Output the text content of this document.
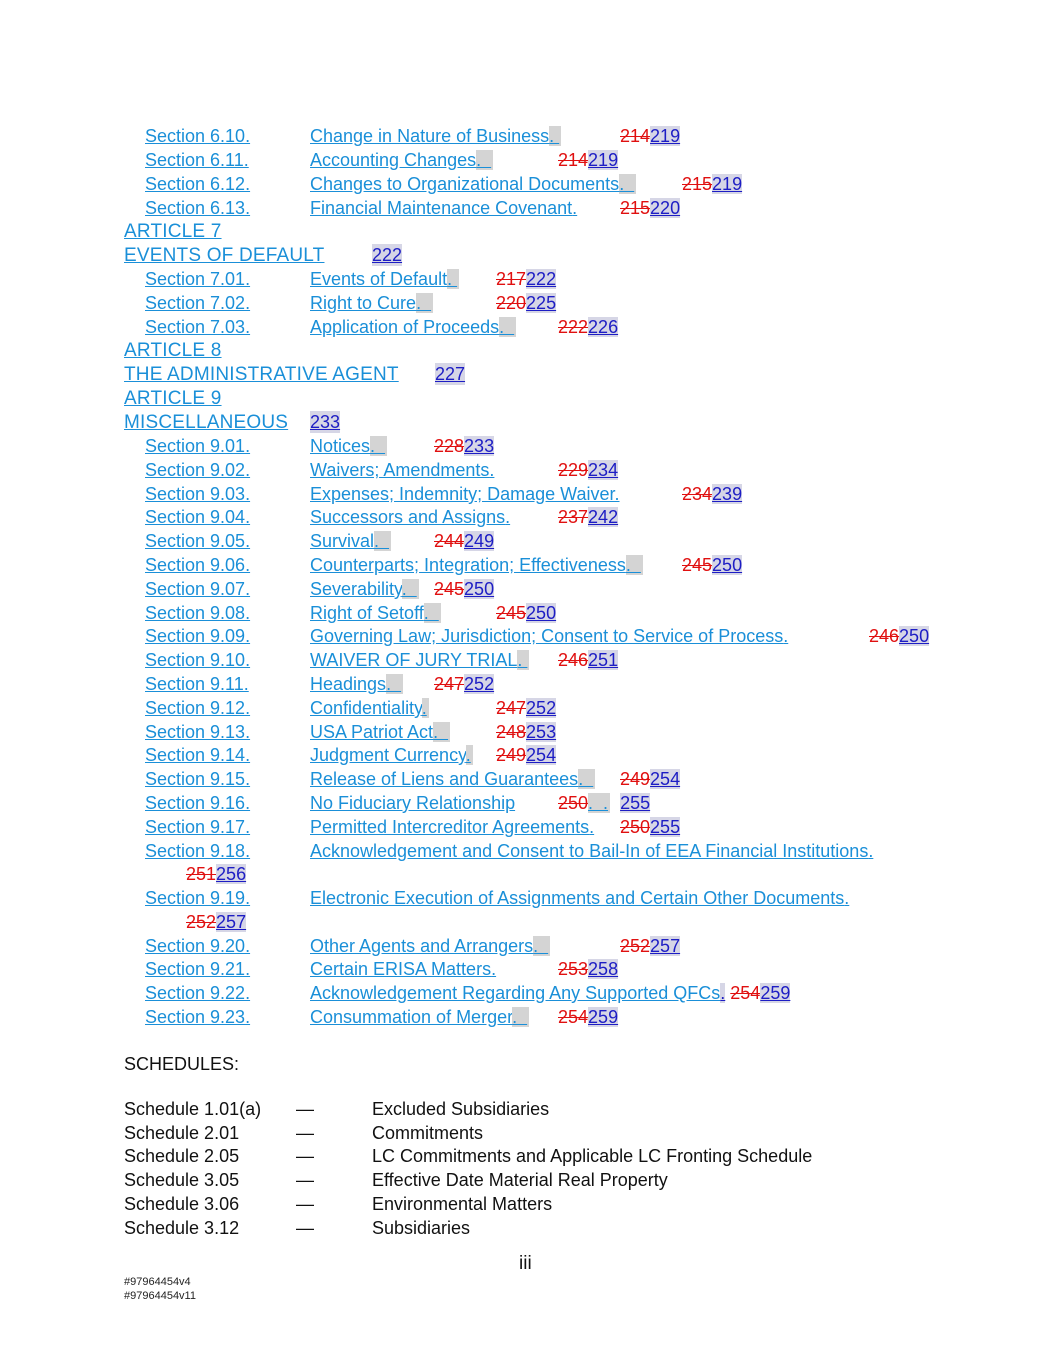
Section 6.10.	Change in Nature of Business.	214219
Section 6.11.	Accounting Changes.	214219
Section 6.12.	Changes to Organizational Documents.	215219
Section 6.13.	Financial Maintenance Covenant. 215220
ARTICLE 7
EVENTS OF DEFAULT	222
Section 7.01.	Events of Default. 217222
Section 7.02.	Right to Cure.	220225
Section 7.03.	Application of Proceeds. 222226
ARTICLE 8
THE ADMINISTRATIVE AGENT 227
ARTICLE 9
MISCELLANEOUS 233
Section 9.01.	Notices.	228233
Section 9.02.	Waivers; Amendments.	229234
Section 9.03.	Expenses; Indemnity; Damage Waiver.	234239
Section 9.04.	Successors and Assigns.	237242
Section 9.05.	Survival. 244249
Section 9.06.	Counterparts; Integration; Effectiveness. 245250
Section 9.07.	Severability. 245250
Section 9.08.	Right of Setoff.	245250
Section 9.09.	Governing Law; Jurisdiction; Consent to Service of Process.	246250
Section 9.10.	WAIVER OF JURY TRIAL. 246251
Section 9.11.	Headings. 247252
Section 9.12.	Confidentiality.	247252
Section 9.13.	USA Patriot Act.	248253
Section 9.14.	Judgment Currency. 249254
Section 9.15.	Release of Liens and Guarantees. 249254
Section 9.16.	No Fiduciary Relationship 250.  . 255
Section 9.17.	Permitted Intercreditor Agreements. 250255
Section 9.18.	Acknowledgement and Consent to Bail-In of EEA Financial Institutions.
251256
Section 9.19.	Electronic Execution of Assignments and Certain Other Documents.
252257
Section 9.20.	Other Agents and Arrangers.	252257
Section 9.21.	Certain ERISA Matters.	253258
Section 9.22.	Acknowledgement Regarding Any Supported QFCs. 254259
Section 9.23.	Consummation of Merger. 254259
SCHEDULES:
Schedule 1.01(a) —	Excluded Subsidiaries
Schedule 2.01	—	Commitments
Schedule 2.05	—	LC Commitments and Applicable LC Fronting Schedule
Schedule 3.05	—	Effective Date Material Real Property
Schedule 3.06	—	Environmental Matters
Schedule 3.12	—	Subsidiaries
iii
#97964454v4
#97964454v11
